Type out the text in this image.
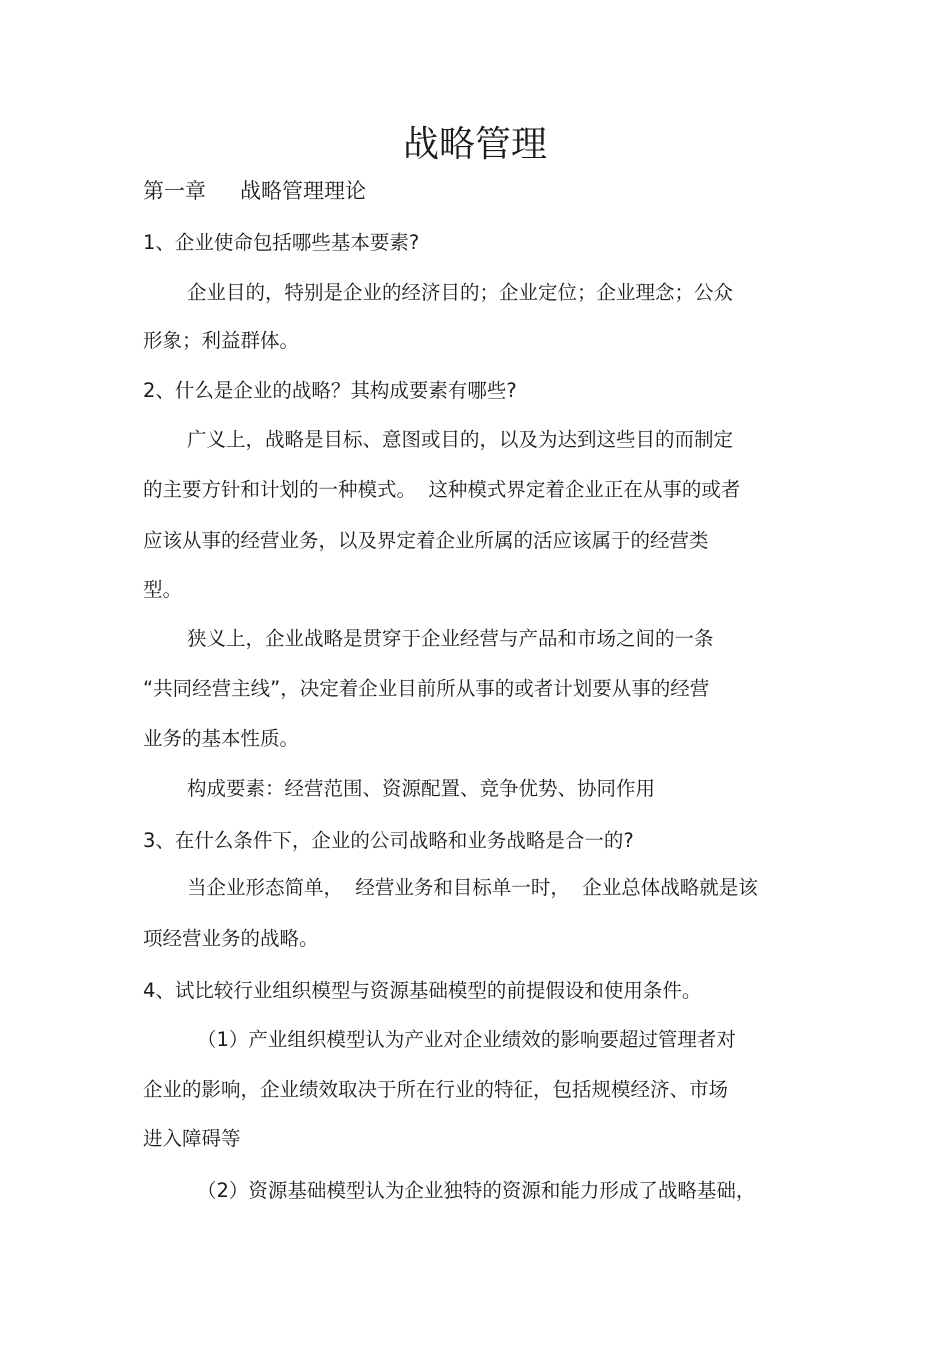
战略管理
第一章 战略管理理论
1、企业使命包括哪些基本要素?
企业目的，特别是企业的经济目的；企业定位；企业理念；公众
形象；利益群体。
2、什么是企业的战略？其构成要素有哪些?
广义上，战略是目标、意图或目的，以及为达到这些目的而制定
的主要方针和计划的一种模式。  这种模式界定着企业正在从事的或者
应该从事的经营业务，以及界定着企业所属的活应该属于的经营类
型。
狭义上，企业战略是贯穿于企业经营与产品和市场之间的一条
“共同经营主线”，决定着企业目前所从事的或者计划要从事的经营
业务的基本性质。
构成要素：经营范围、资源配置、竞争优势、协同作用
3、在什么条件下，企业的公司战略和业务战略是合一的?
当企业形态简单，  经营业务和目标单一时，  企业总体战略就是该
项经营业务的战略。
4、试比较行业组织模型与资源基础模型的前提假设和使用条件。
（1）产业组织模型认为产业对企业绩效的影响要超过管理者对
企业的影响，企业绩效取决于所在行业的特征，包括规模经济、市场
进入障碍等
（2）资源基础模型认为企业独特的资源和能力形成了战略基础，
